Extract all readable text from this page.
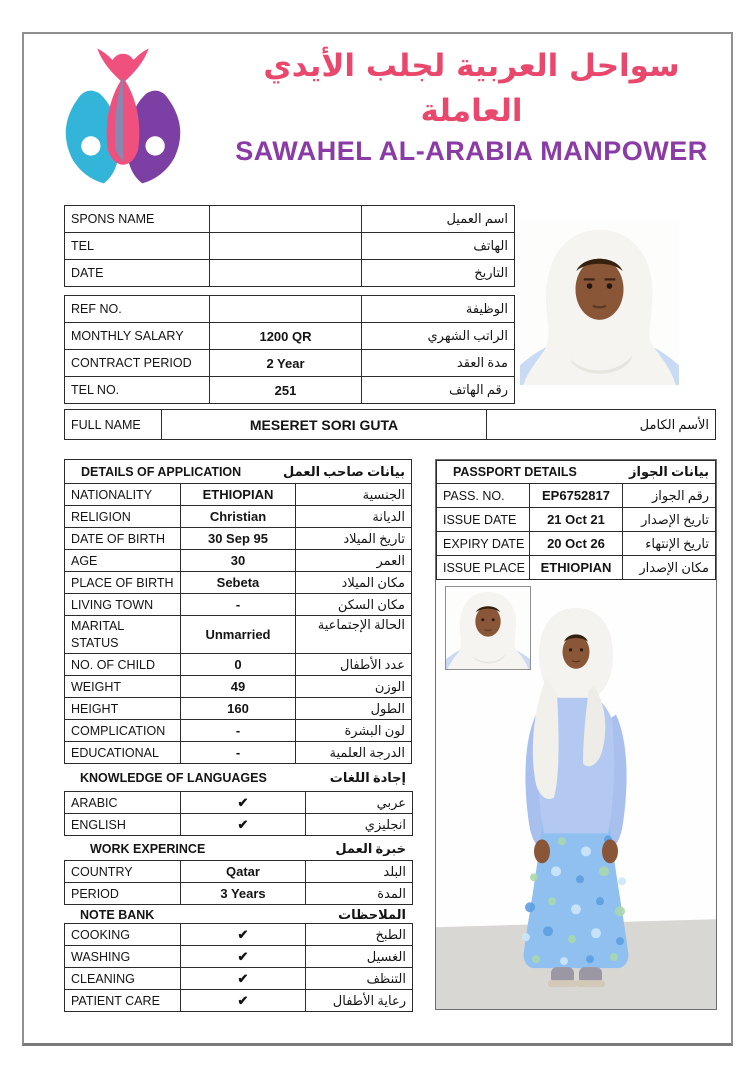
سواحل العربية لجلب الأيدي العاملة
SAWAHEL AL-ARABIA MANPOWER
SPONS NAME		اسم العميل
TEL		الهاتف
DATE		التاريخ
REF NO.		الوظيفة
MONTHLY SALARY	1200 QR	الراتب الشهري
CONTRACT PERIOD	2 Year	مدة العقد
TEL NO.	251	رقم الهاتف
FULL NAME	MESERET SORI GUTA	الأسم الكامل
DETAILS OF APPLICATION بيانات صاحب العمل		

NATIONALITY	ETHIOPIAN	الجنسية
RELIGION	Christian	الديانة
DATE OF BIRTH	30 Sep 95	تاريخ الميلاد
AGE	30	العمر
PLACE OF BIRTH	Sebeta	مكان الميلاد
LIVING TOWN	-	مكان السكن
MARITAL STATUS	Unmarried	الحالة الإجتماعية
NO. OF CHILD	0	عدد الأطفال
WEIGHT	49	الوزن
HEIGHT	160	الطول
COMPLICATION	-	لون البشرة
EDUCATIONAL	-	الدرجة العلمية
KNOWLEDGE OF LANGUAGES	إجادة اللغات
ARABIC	✔	عربي
ENGLISH	✔	انجليزي
WORK EXPERINCE	خبرة العمل
COUNTRY	Qatar	البلد
PERIOD	3 Years	المدة
NOTE BANK	الملاحظات
COOKING	✔	الطبخ
WASHING	✔	الغسيل
CLEANING	✔	التنظف
PATIENT CARE	✔	رعاية الأطفال
PASSPORT DETAILS بيانات الجواز		

PASS. NO.	EP6752817	رقم الجواز
ISSUE DATE	21 Oct 21	تاريخ الإصدار
EXPIRY DATE	20 Oct 26	تاريخ الإنتهاء
ISSUE PLACE	ETHIOPIAN	مكان الإصدار
